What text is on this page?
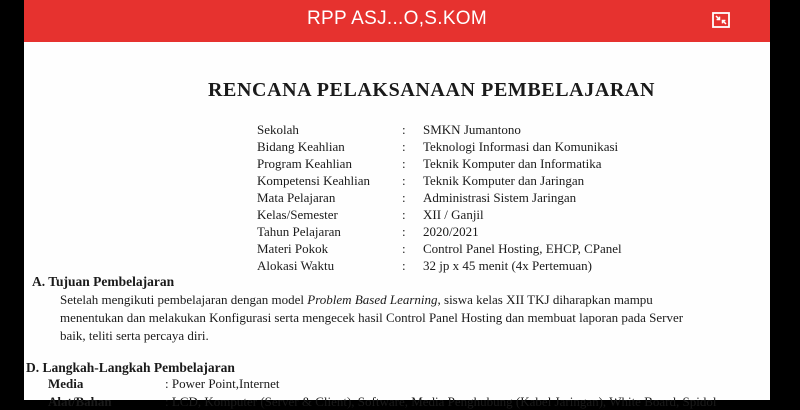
RPP ASJ...O,S.KOM
RENCANA PELAKSANAAN PEMBELAJARAN
Sekolah	: SMKN Jumantono
Bidang Keahlian	: Teknologi Informasi dan Komunikasi
Program Keahlian	: Teknik Komputer dan Informatika
Kompetensi Keahlian : Teknik Komputer dan Jaringan
Mata Pelajaran	: Administrasi Sistem Jaringan
Kelas/Semester	: XII / Ganjil
Tahun Pelajaran	: 2020/2021
Materi Pokok	: Control Panel Hosting, EHCP, CPanel
Alokasi Waktu	: 32 jp x 45 menit (4x Pertemuan)
A. Tujuan Pembelajaran
Setelah mengikuti pembelajaran dengan model Problem Based Learning, siswa kelas XII TKJ diharapkan mampu
menentukan dan melakukan Konfigurasi serta mengecek hasil Control Panel Hosting dan membuat laporan pada Server
baik, teliti serta percaya diri.
D. Langkah-Langkah Pembelajaran
Media	: Power Point,Internet
Alat/Bahan	: LCD, Komputer (Server & Client), Software, Media Penghubung (Kabel Jaringan), White Board, Spidol
